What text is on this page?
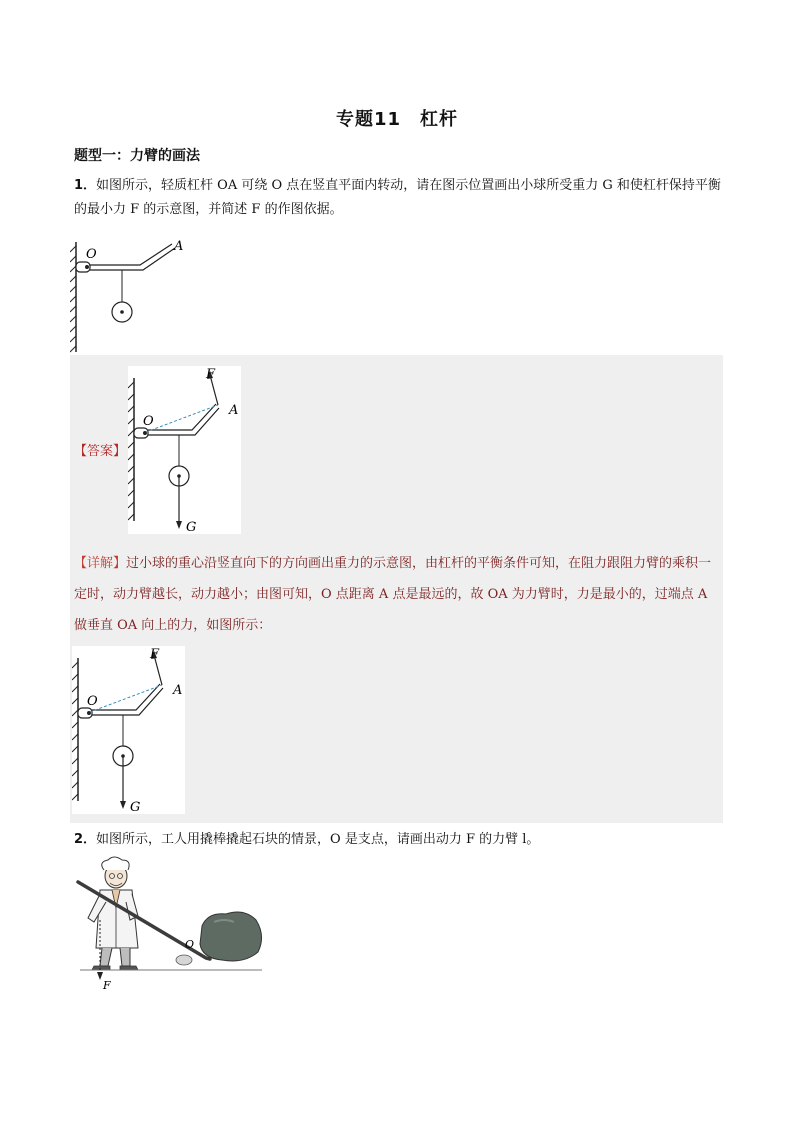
专题11　杠杆
题型一：力臂的画法
1．如图所示，轻质杠杆 OA 可绕 O 点在竖直平面内转动，请在图示位置画出小球所受重力 G 和使杠杆保持平衡的最小力 F 的示意图，并简述 F 的作图依据。
O
A
【答案】
O
A
F
G
【详解】过小球的重心沿竖直向下的方向画出重力的示意图，由杠杆的平衡条件可知，在阻力跟阻力臂的乘积一定时，动力臂越长，动力越小；由图可知，O 点距离 A 点是最远的，故 OA 为力臂时，力是最小的，过端点 A 做垂直 OA 向上的力，如图所示：
O
A
F
G
2．如图所示，工人用撬棒撬起石块的情景，O 是支点，请画出动力 F 的力臂 l。
O
F
